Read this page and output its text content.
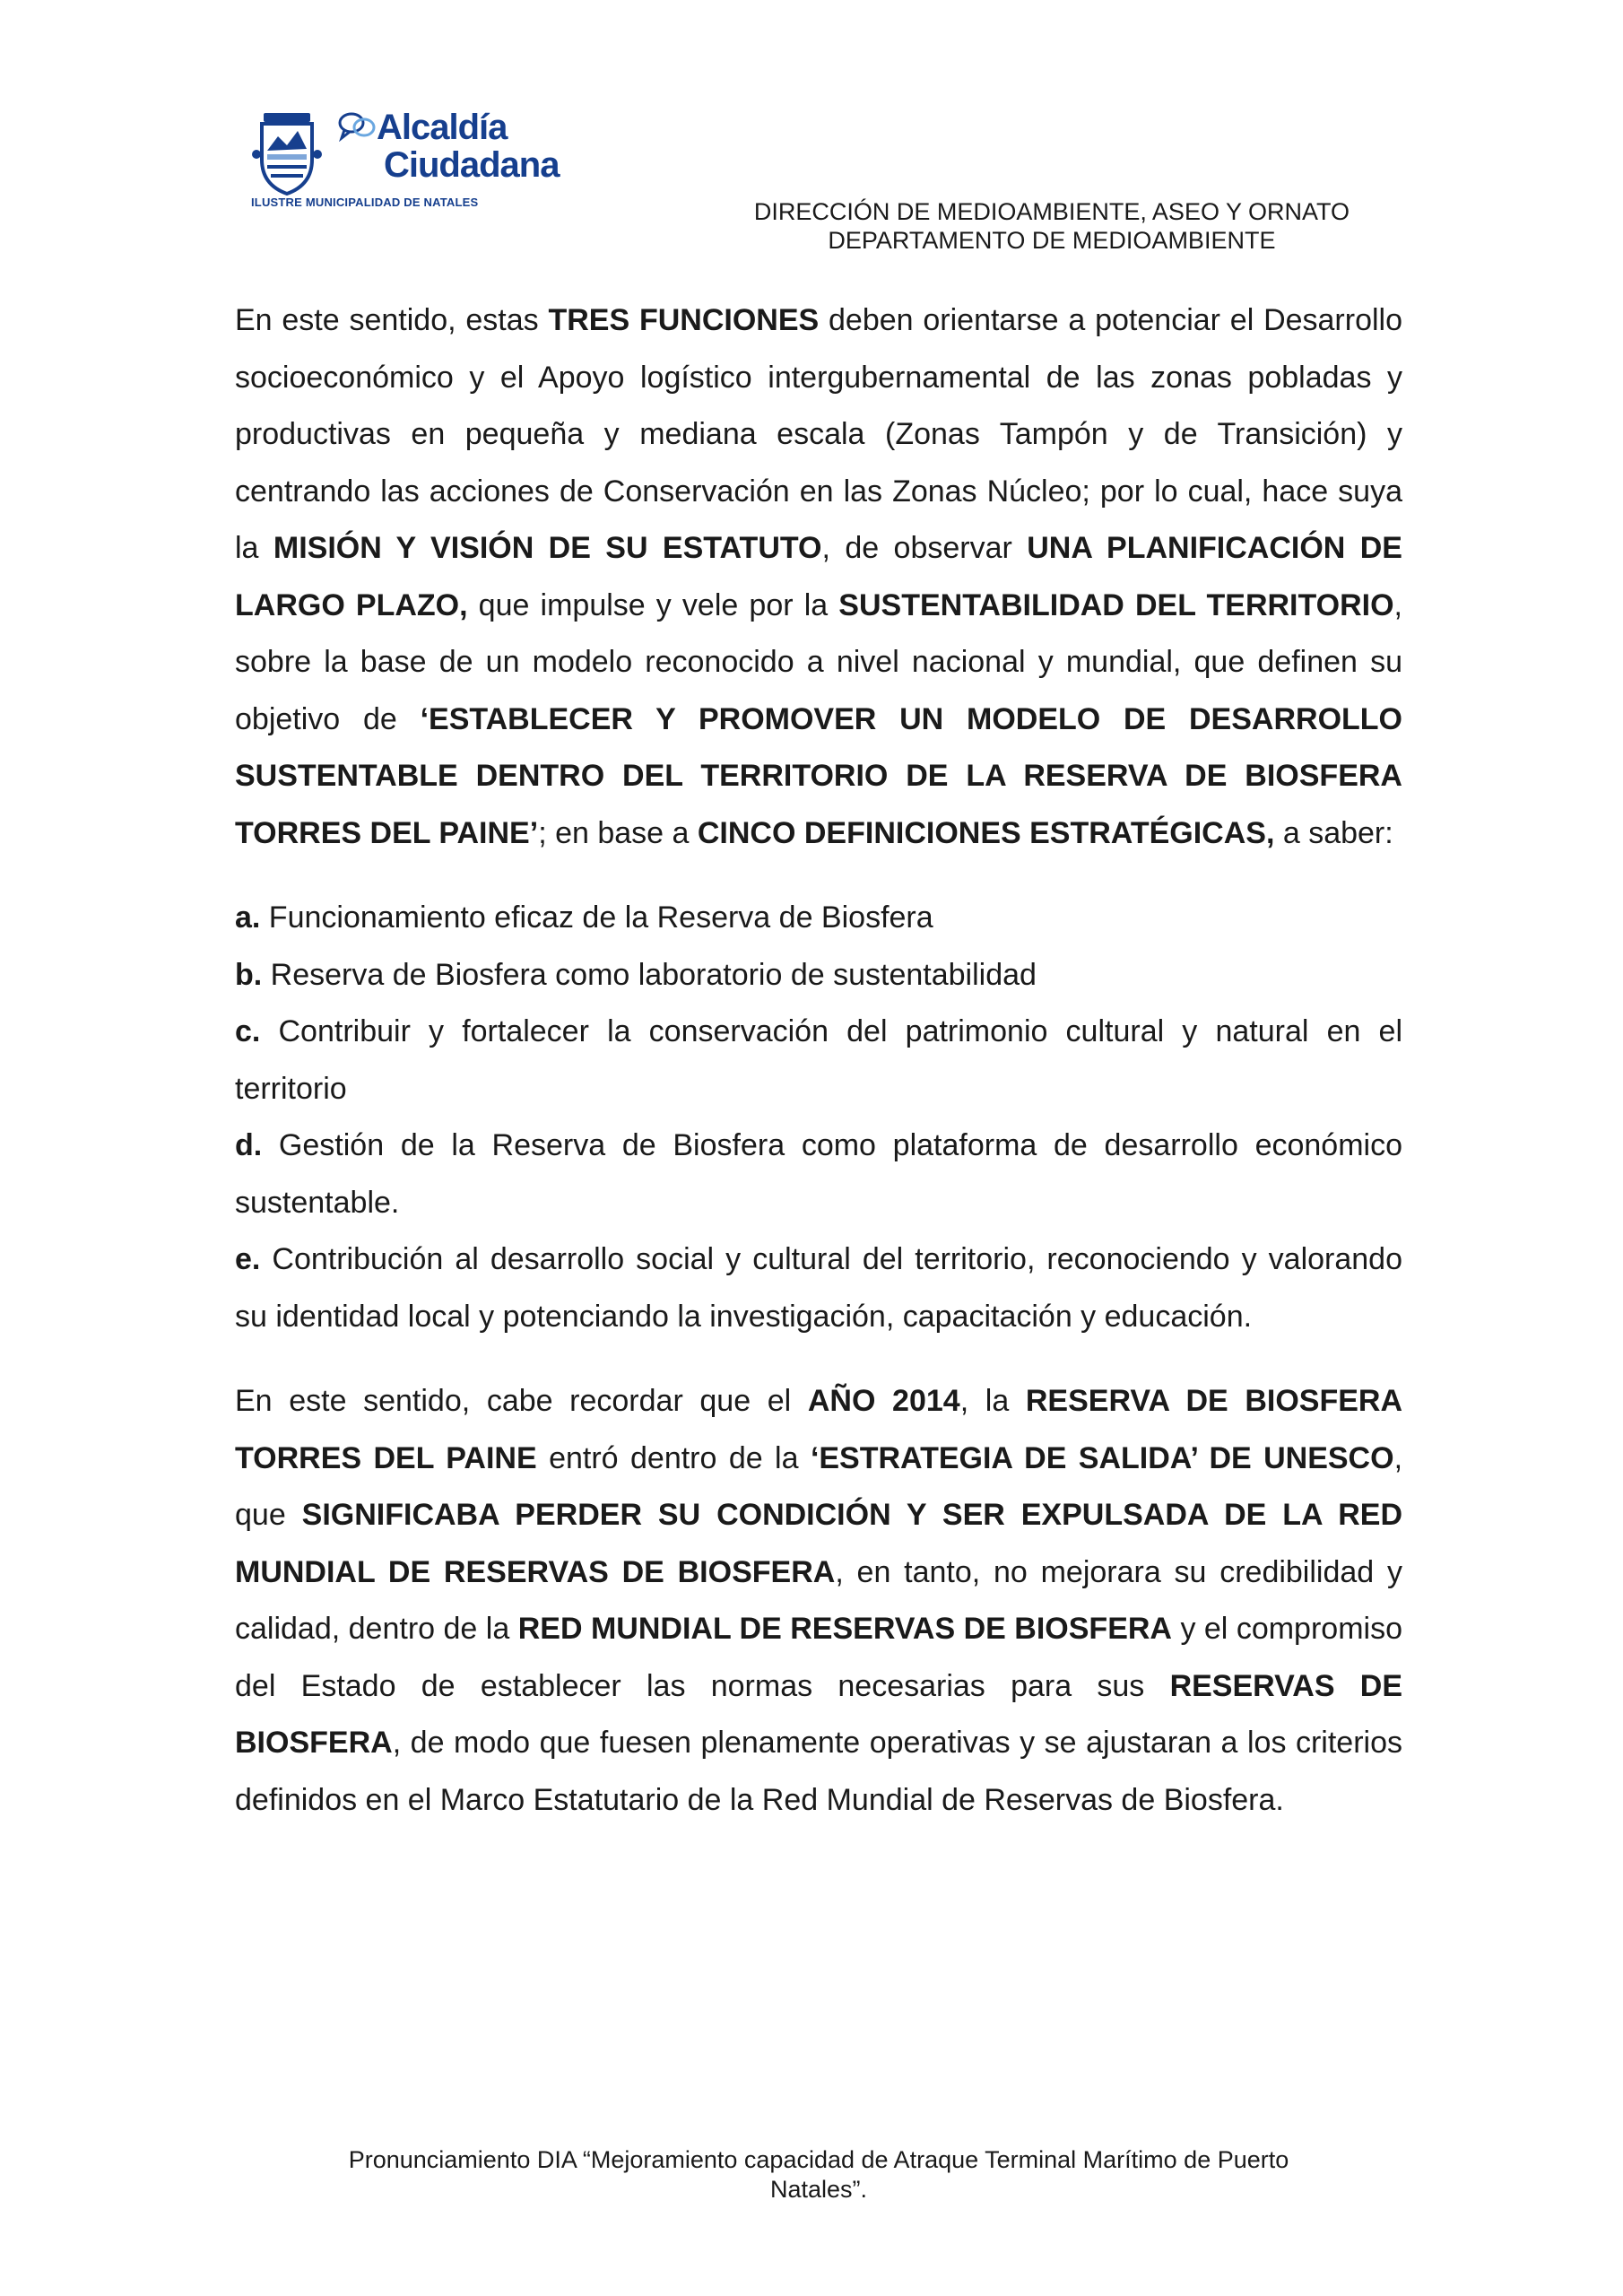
Alcaldía
Ciudadana
ILUSTRE MUNICIPALIDAD DE NATALES	DIRECCIÓN DE MEDIOAMBIENTE, ASEO Y ORNATO
DEPARTAMENTO DE MEDIOAMBIENTE

En este sentido, estas TRES FUNCIONES deben orientarse a potenciar el Desarrollo socioeconómico y el Apoyo logístico intergubernamental de las zonas pobladas y productivas en pequeña y mediana escala (Zonas Tampón y de Transición) y centrando las acciones de Conservación en las Zonas Núcleo; por lo cual, hace suya la MISIÓN Y VISIÓN DE SU ESTATUTO, de observar UNA PLANIFICACIÓN DE LARGO PLAZO, que impulse y vele por la SUSTENTABILIDAD DEL TERRITORIO, sobre la base de un modelo reconocido a nivel nacional y mundial, que definen su objetivo de ‘ESTABLECER Y PROMOVER UN MODELO DE DESARROLLO SUSTENTABLE DENTRO DEL TERRITORIO DE LA RESERVA DE BIOSFERA TORRES DEL PAINE’; en base a CINCO DEFINICIONES ESTRATÉGICAS, a saber:

a. Funcionamiento eficaz de la Reserva de Biosfera

b. Reserva de Biosfera como laboratorio de sustentabilidad

c. Contribuir y fortalecer la conservación del patrimonio cultural y natural en el territorio

d. Gestión de la Reserva de Biosfera como plataforma de desarrollo económico sustentable.

e. Contribución al desarrollo social y cultural del territorio, reconociendo y valorando su identidad local y potenciando la investigación, capacitación y educación.

En este sentido, cabe recordar que el AÑO 2014, la RESERVA DE BIOSFERA TORRES DEL PAINE entró dentro de la ‘ESTRATEGIA DE SALIDA’ DE UNESCO, que SIGNIFICABA PERDER SU CONDICIÓN Y SER EXPULSADA DE LA RED MUNDIAL DE RESERVAS DE BIOSFERA, en tanto, no mejorara su credibilidad y calidad, dentro de la RED MUNDIAL DE RESERVAS DE BIOSFERA y el compromiso del Estado de establecer las normas necesarias para sus RESERVAS DE BIOSFERA, de modo que fuesen plenamente operativas y se ajustaran a los criterios definidos en el Marco Estatutario de la Red Mundial de Reservas de Biosfera.

Pronunciamiento DIA “Mejoramiento capacidad de Atraque Terminal Marítimo de Puerto
Natales”.
